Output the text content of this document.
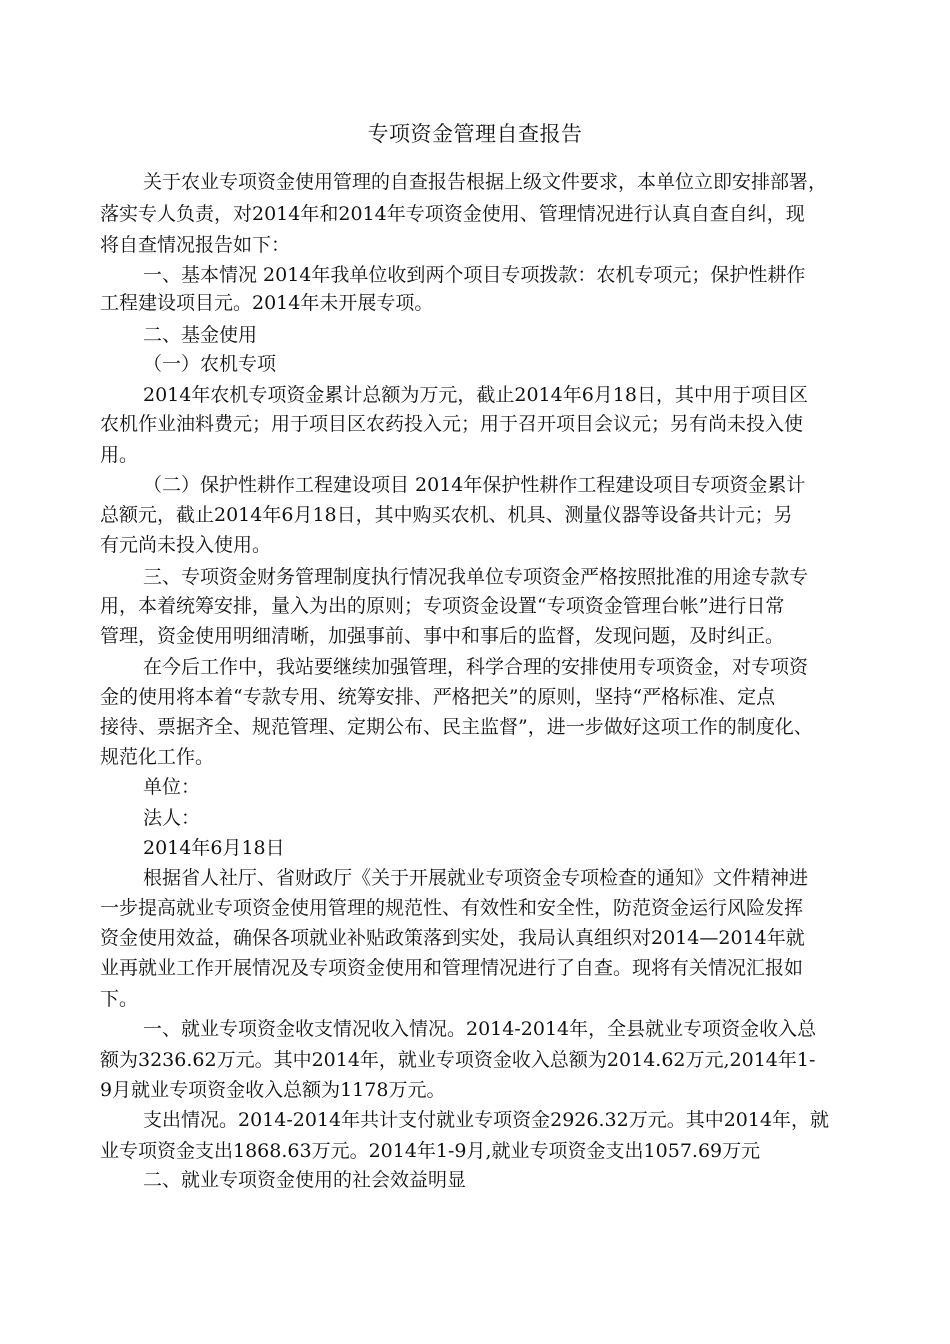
专项资金管理自查报告
关于农业专项资金使用管理的自查报告根据上级文件要求，本单位立即安排部署，
落实专人负责，对2014年和2014年专项资金使用、管理情况进行认真自查自纠，现
将自查情况报告如下：
一、基本情况 2014年我单位收到两个项目专项拨款：农机专项元；保护性耕作
工程建设项目元。2014年未开展专项。
二、基金使用
（一）农机专项
2014年农机专项资金累计总额为万元，截止2014年6月18日，其中用于项目区
农机作业油料费元；用于项目区农药投入元；用于召开项目会议元；另有尚未投入使
用。
（二）保护性耕作工程建设项目 2014年保护性耕作工程建设项目专项资金累计
总额元，截止2014年6月18日，其中购买农机、机具、测量仪器等设备共计元；另
有元尚未投入使用。
三、专项资金财务管理制度执行情况我单位专项资金严格按照批准的用途专款专
用，本着统筹安排，量入为出的原则；专项资金设置“专项资金管理台帐”进行日常
管理，资金使用明细清晰，加强事前、事中和事后的监督，发现问题，及时纠正。
在今后工作中，我站要继续加强管理，科学合理的安排使用专项资金，对专项资
金的使用将本着“专款专用、统筹安排、严格把关”的原则，坚持“严格标准、定点
接待、票据齐全、规范管理、定期公布、民主监督”，进一步做好这项工作的制度化、
规范化工作。
单位：
法人：
2014年6月18日
根据省人社厅、省财政厅《关于开展就业专项资金专项检查的通知》文件精神进
一步提高就业专项资金使用管理的规范性、有效性和安全性，防范资金运行风险发挥
资金使用效益，确保各项就业补贴政策落到实处，我局认真组织对2014—2014年就
业再就业工作开展情况及专项资金使用和管理情况进行了自查。现将有关情况汇报如
下。
一、就业专项资金收支情况收入情况。2014-2014年，全县就业专项资金收入总
额为3236.62万元。其中2014年，就业专项资金收入总额为2014.62万元,2014年1-
9月就业专项资金收入总额为1178万元。
支出情况。2014-2014年共计支付就业专项资金2926.32万元。其中2014年，就
业专项资金支出1868.63万元。2014年1-9月,就业专项资金支出1057.69万元
二、就业专项资金使用的社会效益明显
